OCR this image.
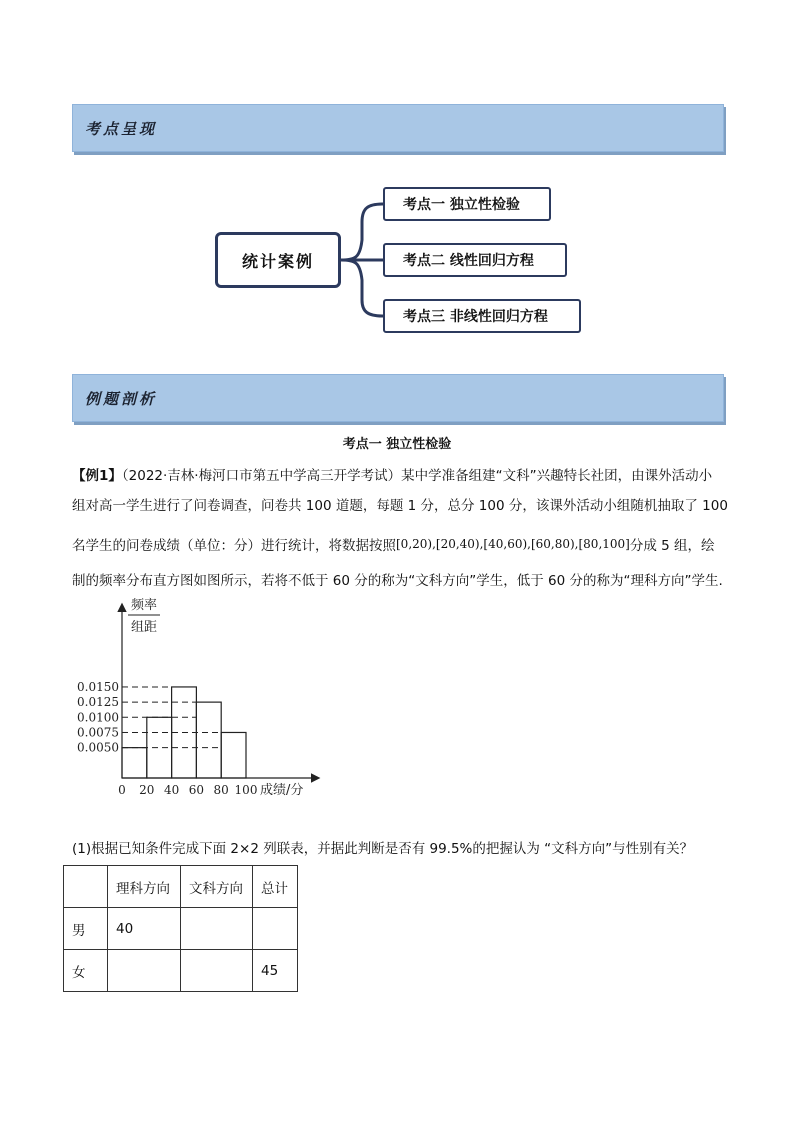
考点呈现
统计案例
考点一 独立性检验
考点二 线性回归方程
考点三 非线性回归方程
例题剖析
考点一 独立性检验
【例1】（2022·吉林·梅河口市第五中学高三开学考试）某中学准备组建“文科”兴趣特长社团，由课外活动小
组对高一学生进行了问卷调查，问卷共 100 道题，每题 1 分，总分 100 分，该课外活动小组随机抽取了 100
名学生的问卷成绩（单位：分）进行统计，将数据按照[0,20),[20,40),[40,60),[60,80),[80,100]分成 5 组，绘
制的频率分布直方图如图所示，若将不低于 60 分的称为“文科方向”学生，低于 60 分的称为“理科方向”学生.
频率
组距
0.0050
0.0075
0.0100
0.0125
0.0150
0 20 40 60 80 100 成绩/分
(1)根据已知条件完成下面 2×2 列联表，并据此判断是否有 99.5%的把握认为 “文科方向”与性别有关？
	理科方向	文科方向	总计
男	40		
女			45
